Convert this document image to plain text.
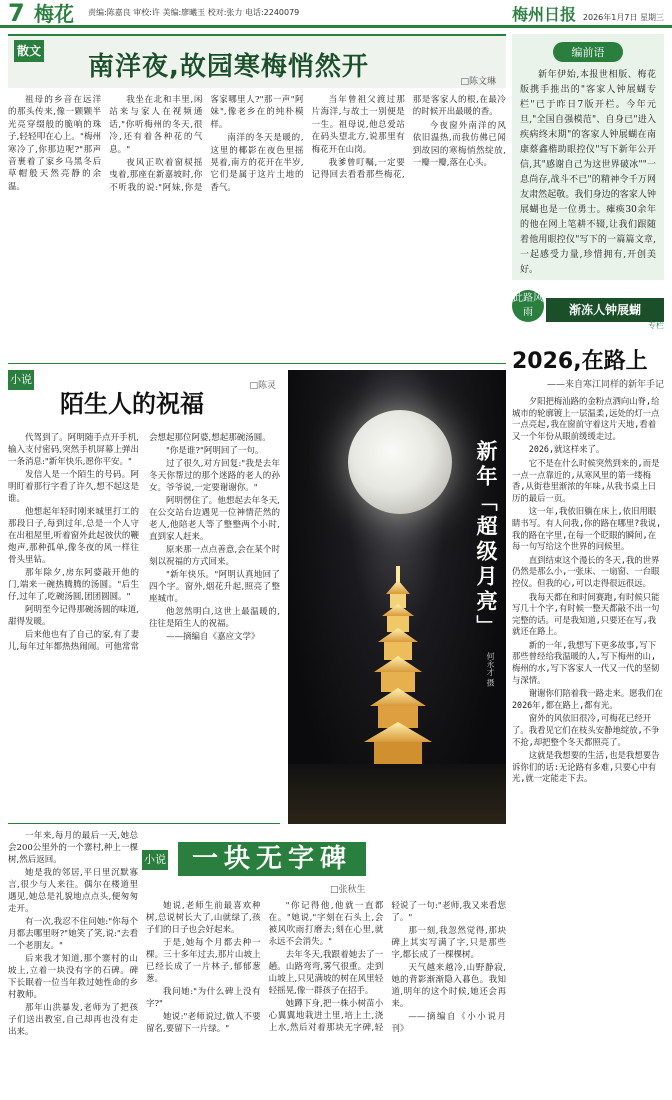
7 梅花	责编:陈嘉良 审校:许 美编:廖曦玉 校对:张力 电话:2240079	梅州日报 2026年1月7日 星期三
散文
南洋夜,故园寒梅悄然开	□陈文琳

祖母的乡音在远洋的那头传来,像一颗颗半光亮穿缀般的脆响的珠子,轻轻叩在心上。"梅州寒冷了,你那边呢?"那声音裹着了家乡乌黑冬后草帽般天然亮静的余温。

我坐在北和丰里,闲站来与家人在视频通话,"你听梅州的冬天,很冷,还有着各种花的气息。"

夜风正吹着窗棂摇曳着,那座在新嘉坡时,你不听我的说:"阿妹,你是客家哪里人?"那一声"阿妹",像老乡在的纯朴模样。

南洋的冬天是暖的,这里的椰影在夜色里摇晃着,南方的花开在半岁,它们是属于这片土地的香气。

当年曾祖父渡过那片海洋,与故土一别便是一生。祖母说,他总爱站在码头望北方,说那里有梅花开在山岗。

我爹曾叮嘱,一定要记得回去看看那些梅花,那是客家人的根,在最冷的时候开出最暖的香。

今夜窗外南洋的风依旧温热,而我仿佛已闻到故园的寒梅悄然绽放,一瓣一瓣,落在心头。

编前语

新年伊始,本报世相版、梅花版携手推出的"客家人钟展蝴专栏"已于昨日7版开栏。今年元旦,"全国自强模范"、自身已"进入疾病终末期"的客家人钟展蝴在南康蔡鑫楷助眼控仪"写下新年公开信,其"感谢自己为这世界破冰""一息尚存,战斗不已"的精神令千万网友肃然起敬。我们身边的客家人钟展蝴也是一位勇士。瘫痪30余年的他在网上笔耕不辍,让我们跟随着他用眼控仪"写下的一篇篇文章,一起感受力量,珍惜拥有,开创美好。

此路风雨	渐冻人钟展蝴
专栏
2026,在路上
——来自寒江同样的新年手记

夕阳把梅汕路的金粉点洒向山脊,给城市的轮廓镀上一层温柔,远处的灯一点一点亮起,我在窗前守着这片天地,看着又一个年份从眼前缓缓走过。

2026,就这样来了。

它不是在什么时候突然到来的,而是一点一点靠近的,从寒风里的第一缕梅香,从街巷里渐浓的年味,从我书桌上日历的最后一页。

这一年,我依旧躺在床上,依旧用眼睛书写。有人问我,你的路在哪里?我说,我的路在字里,在每一个眨眼的瞬间,在每一句写给这个世界的问候里。

直到结束这个漫长的冬天,我的世界仍然是那么小,一张床、一扇窗、一台眼控仪。但我的心,可以走得很远很远。

我每天都在和时间赛跑,有时候只能写几十个字,有时候一整天都敲不出一句完整的话。可是我知道,只要还在写,我就还在路上。

新的一年,我想写下更多故事,写下那些曾经给我温暖的人,写下梅州的山,梅州的水,写下客家人一代又一代的坚韧与深情。

谢谢你们陪着我一路走来。愿我们在2026年,都在路上,都有光。

窗外的风依旧很冷,可梅花已经开了。我看见它们在枝头安静地绽放,不争不抢,却把整个冬天都照亮了。

这就是我想要的生活,也是我想要告诉你们的话:无论路有多难,只要心中有光,就一定能走下去。

小说
陌生人的祝福
□陈灵

代驾到了。阿明随手点开手机,输入支付密码,突然手机屏幕上弹出一条消息:"新年快乐,愿你平安。"

发信人是一个陌生的号码。阿明盯着那行字看了许久,想不起这是谁。

他想起年轻时刚来城里打工的那段日子,每到过年,总是一个人守在出租屋里,听着窗外此起彼伏的鞭炮声,那种孤单,像冬夜的风一样往骨头里钻。

那年除夕,房东阿婆敲开他的门,端来一碗热腾腾的汤圆。"后生仔,过年了,吃碗汤圆,团团圆圆。"

阿明至今记得那碗汤圆的味道,甜得发暖。

后来他也有了自己的家,有了妻儿,每年过年都热热闹闹。可他常常会想起那位阿婆,想起那碗汤圆。

"你是谁?"阿明回了一句。

过了很久,对方回复:"我是去年冬天你帮过的那个迷路的老人的孙女。爷爷说,一定要谢谢你。"

阿明愣住了。他想起去年冬天,在公交站台边遇见一位神情茫然的老人,他陪老人等了整整两个小时,直到家人赶来。

原来那一点点善意,会在某个时刻以祝福的方式回来。

"新年快乐。"阿明认真地回了四个字。窗外,烟花升起,照亮了整座城市。

他忽然明白,这世上最温暖的,往往是陌生人的祝福。

——摘编自《嘉应文学》	新年「超级月亮」
何永才 摄

一年来,每月的最后一天,她总会200公里外的一个寨村,种上一棵树,然后返回。

她是我的邻居,平日里沉默寡言,很少与人来往。偶尔在楼道里遇见,她总是礼貌地点点头,便匆匆走开。

有一次,我忍不住问她:"你每个月都去哪里呀?"她笑了笑,说:"去看一个老朋友。"

后来我才知道,那个寨村的山坡上,立着一块没有字的石碑。碑下长眠着一位当年救过她性命的乡村教师。

那年山洪暴发,老师为了把孩子们送出教室,自己却再也没有走出来。

小说	一块无字碑
□张秋生

她说,老师生前最喜欢种树,总说树长大了,山就绿了,孩子们的日子也会好起来。

于是,她每个月都去种一棵。三十多年过去,那片山坡上已经长成了一片林子,郁郁葱葱。

我问她:"为什么碑上没有字?"

她说:"老师说过,做人不要留名,要留下一片绿。"

"你记得他,他就一直都在。"她说,"字刻在石头上,会被风吹雨打磨去;刻在心里,就永远不会消失。"

去年冬天,我跟着她去了一趟。山路弯弯,雾气很重。走到山坡上,只见满坡的树在风里轻轻摇晃,像一群孩子在招手。

她蹲下身,把一株小树苗小心翼翼地栽进土里,培上土,浇上水,然后对着那块无字碑,轻轻说了一句:"老师,我又来看您了。"

那一刻,我忽然觉得,那块碑上其实写满了字,只是那些字,都长成了一棵棵树。

天气越来越冷,山野静寂,她的背影渐渐隐入暮色。我知道,明年的这个时候,她还会再来。

——摘编自《小小说月刊》
